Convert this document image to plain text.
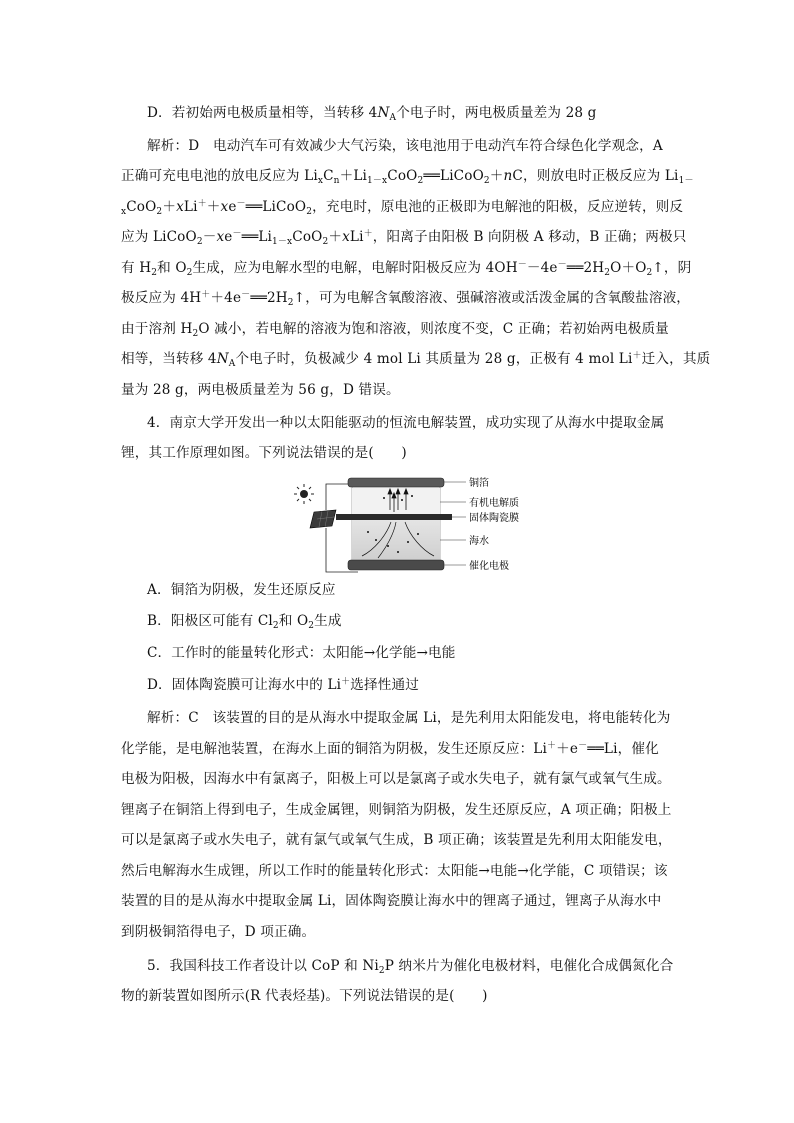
D．若初始两电极质量相等，当转移 $4N_A$个电子时，两电极质量差为 28 g
解析：D　电动汽车可有效减少大气污染，该电池用于电动汽车符合绿色化学观念，A
正确可充电电池的放电反应为 $Li_xC_n+Li_{1-x}CoO_2══LiCoO_2+nC$，则放电时正极反应为 $Li_{1-}$
$_x$CoO$_2$＋xLi＋＋xe－══LiCoO$_2$，充电时，原电池的正极即为电解池的阳极，反应逆转，则反
应为 $LiCoO_2-xe^-══Li_{1-x}CoO_2+xLi^+$，阳离子由阳极 B 向阴极 A 移动，B 正确；两极只
有 $H_2$和 $O_2$生成，应为电解水型的电解，电解时阳极反应为 $4OH^--4e^-══2H_2O+O_2↑$，阴
极反应为 $4H^++4e^-══2H_2↑$，可为电解含氧酸溶液、强碱溶液或活泼金属的含氧酸盐溶液，
由于溶剂 $H_2O$ 减小，若电解的溶液为饱和溶液，则浓度不变，C 正确；若初始两电极质量
相等，当转移 $4N_A$个电子时，负极减少 4 mol Li 其质量为 28 g，正极有 4 mol Li＋迁入，其质
量为 28 g，两电极质量差为 56 g，D 错误。
4．南京大学开发出一种以太阳能驱动的恒流电解装置，成功实现了从海水中提取金属
锂，其工作原理如图。下列说法错误的是(　　)
铜箔
有机电解质
固体陶瓷膜
海水
催化电极
A．铜箔为阴极，发生还原反应
B．阳极区可能有 $Cl_2$和 $O_2$生成
C．工作时的能量转化形式：太阳能→化学能→电能
D．固体陶瓷膜可让海水中的 Li＋选择性通过
解析：C　该装置的目的是从海水中提取金属 Li，是先利用太阳能发电，将电能转化为
化学能，是电解池装置，在海水上面的铜箔为阴极，发生还原反应：Li＋＋e－══Li，催化
电极为阳极，因海水中有氯离子，阳极上可以是氯离子或水失电子，就有氯气或氧气生成。
锂离子在铜箔上得到电子，生成金属锂，则铜箔为阴极，发生还原反应，A 项正确；阳极上
可以是氯离子或水失电子，就有氯气或氧气生成，B 项正确；该装置是先利用太阳能发电，
然后电解海水生成锂，所以工作时的能量转化形式：太阳能→电能→化学能，C 项错误；该
装置的目的是从海水中提取金属 Li，固体陶瓷膜让海水中的锂离子通过，锂离子从海水中
到阴极铜箔得电子，D 项正确。
5．我国科技工作者设计以 CoP 和 $Ni_2P$ 纳米片为催化电极材料，电催化合成偶氮化合
物的新装置如图所示(R 代表烃基)。下列说法错误的是(　　)
